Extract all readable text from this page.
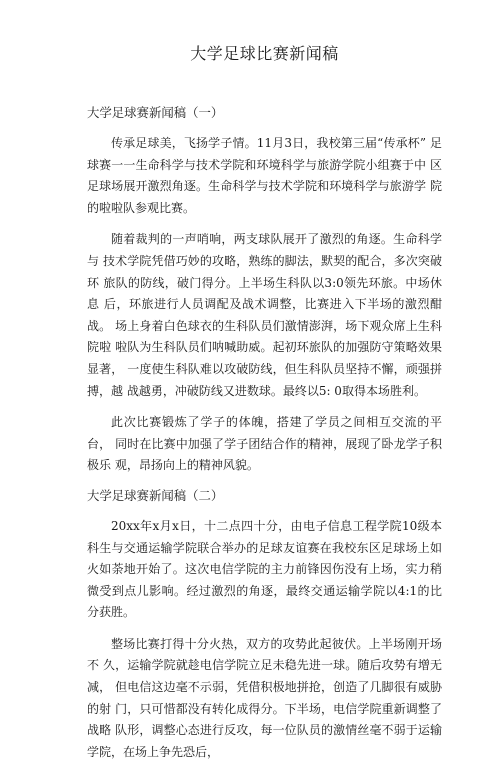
大学足球比赛新闻稿
大学足球赛新闻稿（一）

传承足球美，飞扬学子情。11月3日，我校第三届“传承杯” 足球赛一一生命科学与技术学院和环境科学与旅游学院小组赛于中 区足球场展开激烈角逐。生命科学与技术学院和环境科学与旅游学 院的啦啦队参观比赛。

随着裁判的一声哨响，两支球队展开了激烈的角逐。生命科学与 技术学院凭借巧妙的攻略，熟练的脚法，默契的配合，多次突破环 旅队的防线，破门得分。上半场生科队以3:0领先环旅。中场休息 后，环旅进行人员调配及战术调整，比赛进入下半场的激烈酣战。 场上身着白色球衣的生科队员们激情澎湃，场下观众席上生科院啦 啦队为生科队员们呐喊助威。起初环旅队的加强防守策略效果显著， 一度使生科队难以攻破防线，但生科队员坚持不懈，顽强拼搏，越 战越勇，冲破防线又进数球。最终以5: 0取得本场胜利。

此次比赛锻炼了学子的体魄，搭建了学员之间相互交流的平台， 同时在比赛中加强了学子团结合作的精神，展现了卧龙学子积极乐 观，昂扬向上的精神风貌。

大学足球赛新闻稿（二）

20xx年x月x日，十二点四十分，由电子信息工程学院10级本 科生与交通运输学院联合举办的足球友谊赛在我校东区足球场上如 火如荼地开始了。这次电信学院的主力前锋因伤没有上场，实力稍 微受到点儿影响。经过激烈的角逐，最终交通运输学院以4:1的比 分获胜。

整场比赛打得十分火热，双方的攻势此起彼伏。上半场刚开场不 久，运输学院就趁电信学院立足未稳先进一球。随后攻势有增无减， 但电信这边毫不示弱，凭借积极地拼抢，创造了几脚很有威胁的射 门，只可惜都没有转化成得分。下半场，电信学院重新调整了战略 队形，调整心态进行反攻，每一位队员的激情丝毫不弱于运输学院，在场上争先恐后，
